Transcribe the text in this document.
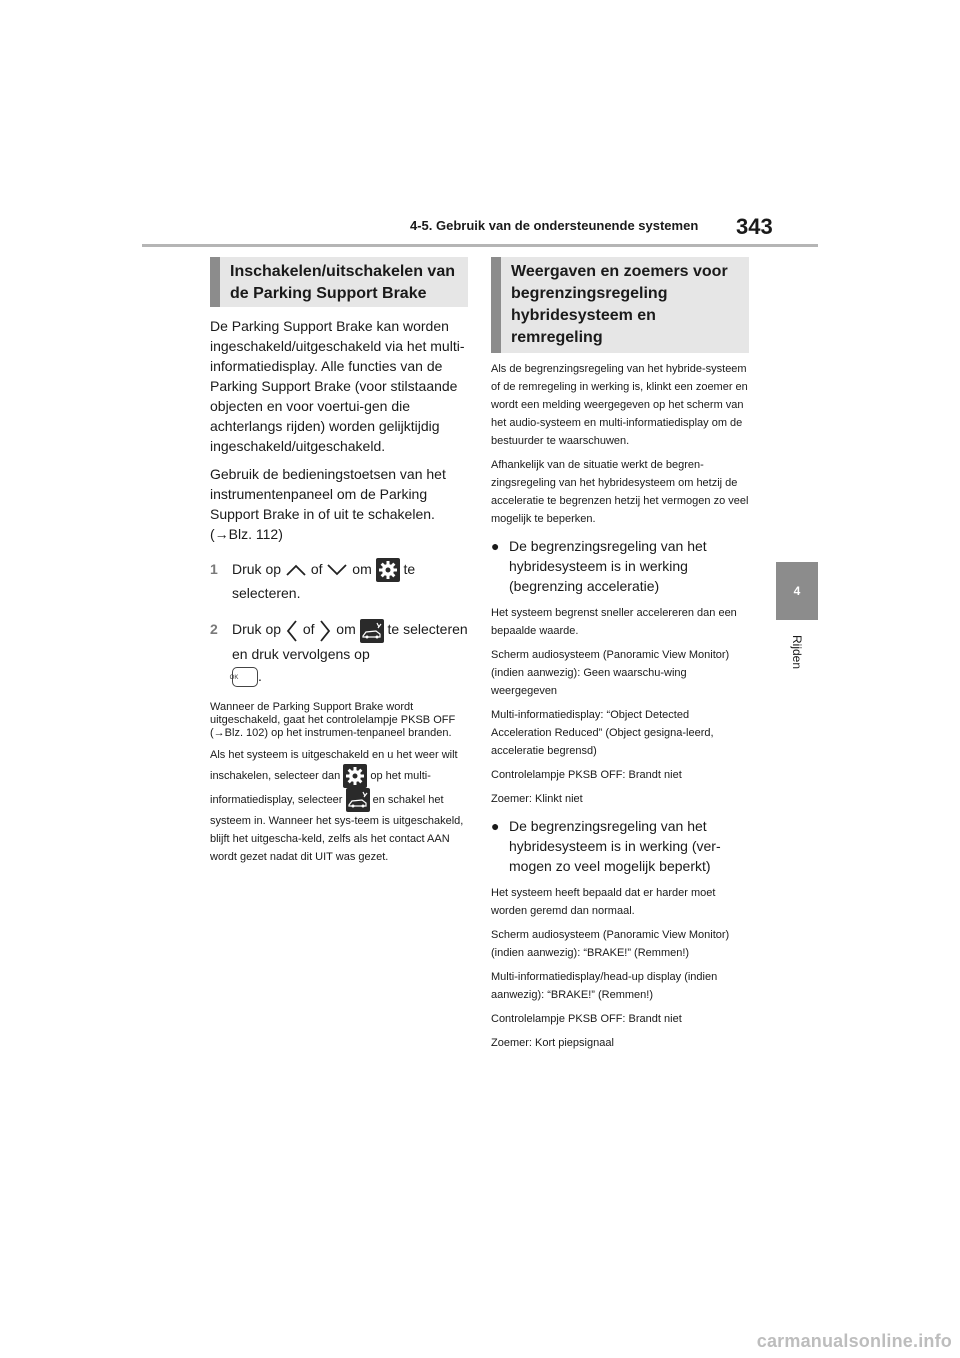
4-5. Gebruik van de ondersteunende systemen 343
4
Rijden
Inschakelen/uitschakelen van de Parking Support Brake

De Parking Support Brake kan worden ingeschakeld/uitgeschakeld via het multi-informatiedisplay. Alle functies van de Parking Support Brake (voor stilstaande objecten en voor voertui-gen die achterlangs rijden) worden gelijktijdig ingeschakeld/uitgeschakeld.

Gebruik de bedieningstoetsen van het instrumentenpaneel om de Parking Support Brake in of uit te schakelen. (→Blz. 112)

1 Druk op of om te selecteren.

2 Druk op of om te selecteren en druk vervolgens op
OK .

Wanneer de Parking Support Brake wordt uitgeschakeld, gaat het controlelampje PKSB OFF (→Blz. 102) op het instrumen-tenpaneel branden.

Als het systeem is uitgeschakeld en u het weer wilt inschakelen, selecteer dan	op het multi-informatiedisplay, selecteer	en schakel het systeem in. Wanneer het sys-teem is uitgeschakeld, blijft het uitgescha-keld, zelfs als het contact AAN wordt gezet nadat dit UIT was gezet.

Weergaven en zoemers voor begrenzingsregeling hybridesysteem en remregeling

Als de begrenzingsregeling van het hybride-systeem of de remregeling in werking is, klinkt een zoemer en wordt een melding weergegeven op het scherm van het audio-systeem en multi-informatiedisplay om de bestuurder te waarschuwen.

Afhankelijk van de situatie werkt de begren-zingsregeling van het hybridesysteem om hetzij de acceleratie te begrenzen hetzij het vermogen zo veel mogelijk te beperken.

● De begrenzingsregeling van het hybridesysteem is in werking (begrenzing acceleratie)

Het systeem begrenst sneller accelereren dan een bepaalde waarde.

Scherm audiosysteem (Panoramic View Monitor) (indien aanwezig): Geen waarschu-wing weergegeven

Multi-informatiedisplay: “Object Detected Acceleration Reduced” (Object gesigna-leerd, acceleratie begrensd)

Controlelampje PKSB OFF: Brandt niet

Zoemer: Klinkt niet

● De begrenzingsregeling van het hybridesysteem is in werking (ver-mogen zo veel mogelijk beperkt)

Het systeem heeft bepaald dat er harder moet worden geremd dan normaal.

Scherm audiosysteem (Panoramic View Monitor) (indien aanwezig): “BRAKE!” (Remmen!)

Multi-informatiedisplay/head-up display (indien aanwezig): “BRAKE!” (Remmen!)

Controlelampje PKSB OFF: Brandt niet

Zoemer: Kort piepsignaal

carmanualsonline.info
